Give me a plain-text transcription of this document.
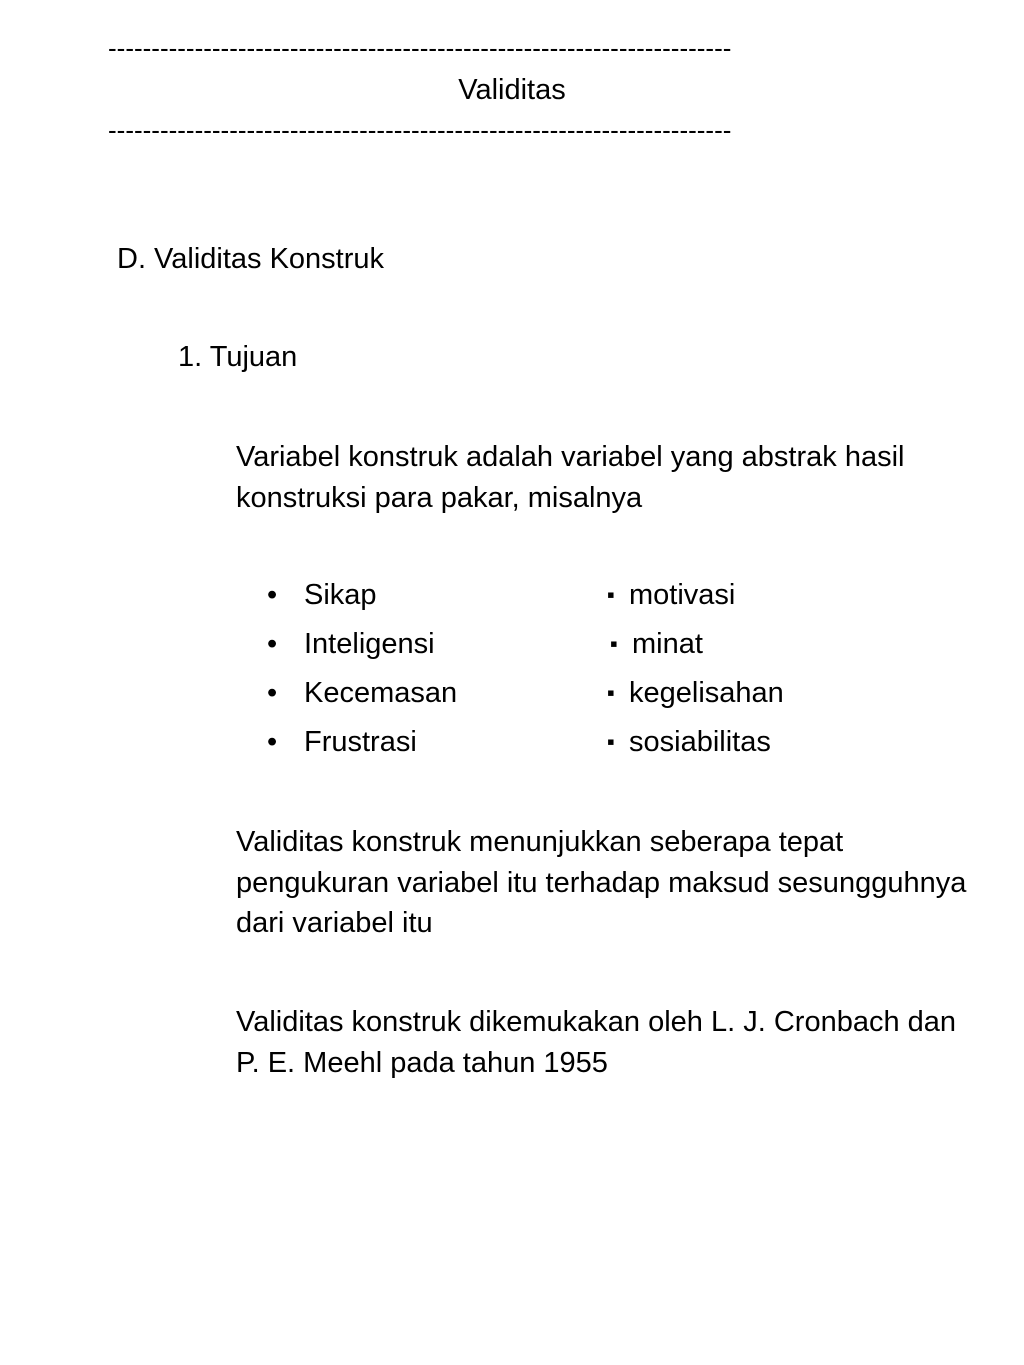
------------------------------------------------------------------------
Validitas
------------------------------------------------------------------------
D. Validitas Konstruk
1. Tujuan

Variabel konstruk adalah variabel yang abstrak hasil konstruksi para pakar, misalnya

• Sikap	▪ motivasi
• Inteligensi	▪ minat
• Kecemasan	▪ kegelisahan
• Frustrasi	▪ sosiabilitas

Validitas konstruk menunjukkan seberapa tepat pengukuran variabel itu terhadap maksud sesungguhnya dari variabel itu

Validitas konstruk dikemukakan oleh L. J. Cronbach dan P. E. Meehl pada tahun 1955
